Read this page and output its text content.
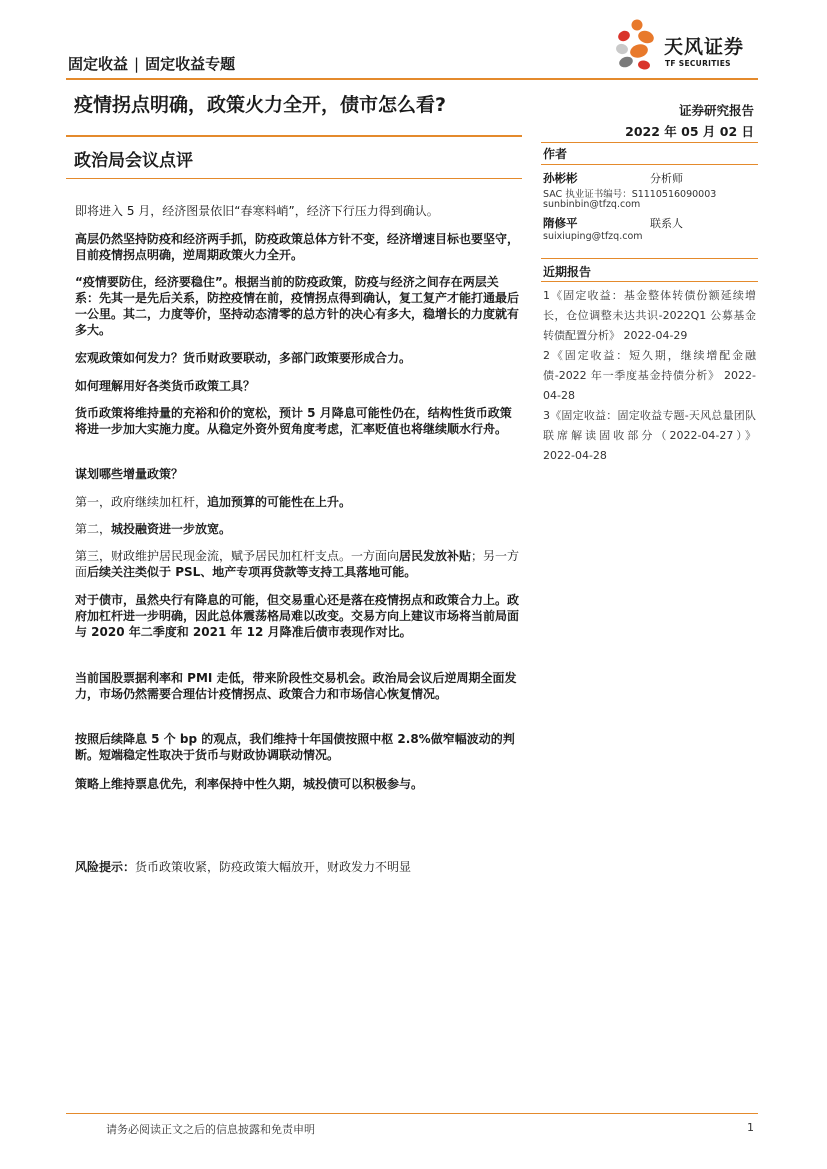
固定收益 | 固定收益专题
天风证券
TF SECURITIES
疫情拐点明确，政策火力全开，债市怎么看?
政治局会议点评
证券研究报告
2022 年 05 月 02 日
作者
孙彬彬	分析师
SAC 执业证书编号：S1110516090003
sunbinbin@tfzq.com
隋修平	联系人
suixiuping@tfzq.com
近期报告

1《固定收益：基金整体转债份额延续增长，仓位调整未达共识-2022Q1 公募基金转债配置分析》 2022-04-29

2《固定收益：短久期，继续增配金融债-2022 年一季度基金持债分析》 2022-04-28

3《固定收益：固定收益专题-天风总量团队联席解读固收部分（2022-04-27）》 2022-04-28

即将进入 5 月，经济图景依旧“春寒料峭”，经济下行压力得到确认。

高层仍然坚持防疫和经济两手抓，防疫政策总体方针不变，经济增速目标也要坚守，目前疫情拐点明确，逆周期政策火力全开。

“疫情要防住，经济要稳住”。根据当前的防疫政策，防疫与经济之间存在两层关系：先其一是先后关系，防控疫情在前，疫情拐点得到确认，复工复产才能打通最后一公里。其二，力度等价，坚持动态清零的总方针的决心有多大，稳增长的力度就有多大。

宏观政策如何发力？货币财政要联动，多部门政策要形成合力。

如何理解用好各类货币政策工具？

货币政策将维持量的充裕和价的宽松，预计 5 月降息可能性仍在，结构性货币政策将进一步加大实施力度。从稳定外资外贸角度考虑，汇率贬值也将继续顺水行舟。

谋划哪些增量政策？

第一，政府继续加杠杆，追加预算的可能性在上升。

第二，城投融资进一步放宽。

第三，财政维护居民现金流，赋予居民加杠杆支点。一方面向居民发放补贴；另一方面后续关注类似于 PSL、地产专项再贷款等支持工具落地可能。

对于债市，虽然央行有降息的可能，但交易重心还是落在疫情拐点和政策合力上。政府加杠杆进一步明确，因此总体震荡格局难以改变。交易方向上建议市场将当前局面与 2020 年二季度和 2021 年 12 月降准后债市表现作对比。

当前国股票据利率和 PMI 走低，带来阶段性交易机会。政治局会议后逆周期全面发力，市场仍然需要合理估计疫情拐点、政策合力和市场信心恢复情况。

按照后续降息 5 个 bp 的观点，我们维持十年国债按照中枢 2.8%做窄幅波动的判断。短端稳定性取决于货币与财政协调联动情况。

策略上维持票息优先，利率保持中性久期，城投债可以积极参与。

风险提示：货币政策收紧，防疫政策大幅放开，财政发力不明显

请务必阅读正文之后的信息披露和免责申明	1
